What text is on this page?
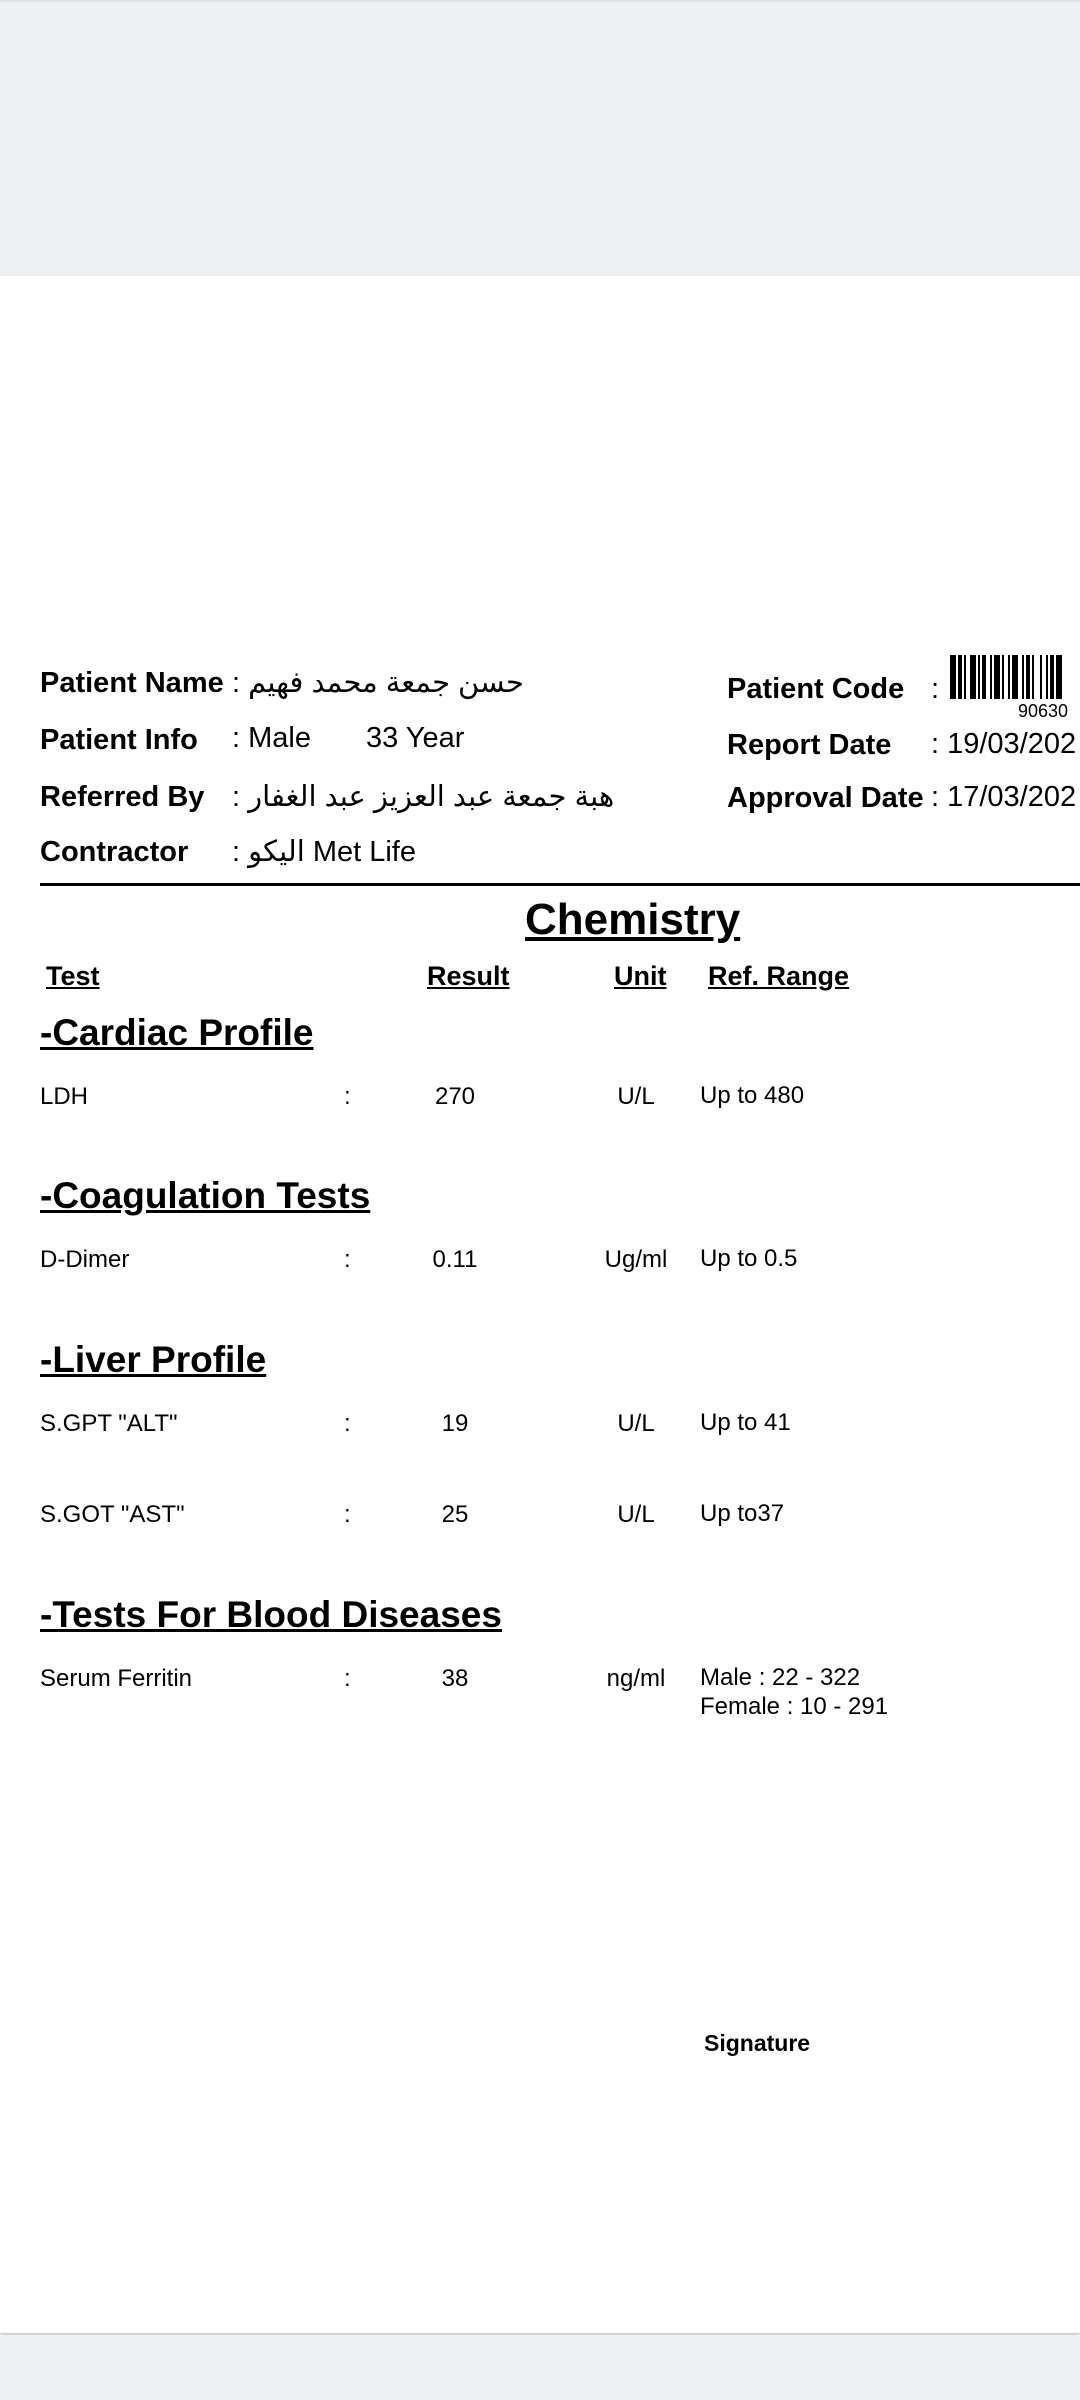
Patient Name : حسن جمعة محمد فهيم
Patient Info : Male 33 Year
Referred By : هبة جمعة عبد العزيز عبد الغفار
Contractor : اليكو Met Life
Patient Code :
90630
Report Date : 19/03/202
Approval Date : 17/03/202
Chemistry
Test	Result	Unit Ref. Range
-Cardiac Profile
LDH	:	270	U/L	Up to 480
-Coagulation Tests
D-Dimer	:	0.11	Ug/ml	Up to 0.5
-Liver Profile
S.GPT "ALT"	:	19	U/L	Up to 41
S.GOT "AST"	:	25	U/L	Up to37
-Tests For Blood Diseases
Serum Ferritin	:	38	ng/ml	Male : 22 - 322
Female : 10 - 291
Signature
